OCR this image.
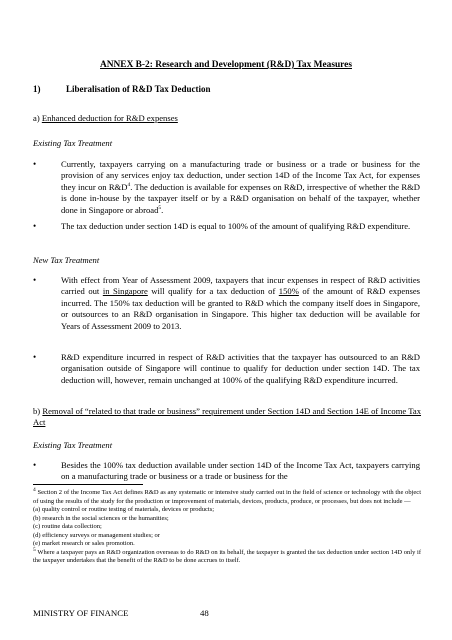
ANNEX B-2: Research and Development (R&D) Tax Measures
1)	Liberalisation of R&D Tax Deduction
a) Enhanced deduction for R&D expenses
Existing Tax Treatment
•	Currently, taxpayers carrying on a manufacturing trade or business or a trade or business for the provision of any services enjoy tax deduction, under section 14D of the Income Tax Act, for expenses they incur on $R\&D^4$. The deduction is available for expenses on R&D, irrespective of whether the R&D is done in-house by the taxpayer itself or by a R&D organisation on behalf of the taxpayer, whether done in Singapore or abroad$^5$.
•	The tax deduction under section 14D is equal to 100% of the amount of qualifying R&D expenditure.
New Tax Treatment
•	With effect from Year of Assessment 2009, taxpayers that incur expenses in respect of R&D activities carried out in Singapore will qualify for a tax deduction of 150% of the amount of R&D expenses incurred. The 150% tax deduction will be granted to R&D which the company itself does in Singapore, or outsources to an R&D organisation in Singapore. This higher tax deduction will be available for Years of Assessment 2009 to 2013.
•	R&D expenditure incurred in respect of R&D activities that the taxpayer has outsourced to an R&D organisation outside of Singapore will continue to qualify for deduction under section 14D. The tax deduction will, however, remain unchanged at 100% of the qualifying R&D expenditure incurred.
b) Removal of “related to that trade or business” requirement under Section 14D and Section 14E of Income Tax Act
Existing Tax Treatment
•	Besides the 100% tax deduction available under section 14D of the Income Tax Act, taxpayers carrying on a manufacturing trade or business or a trade or business for the
$^4$ Section 2 of the Income Tax Act defines R&D as any systematic or intensive study carried out in the field of science or technology with the object of using the results of the study for the production or improvement of materials, devices, products, produce, or processes, but does not include —
(a) quality control or routine testing of materials, devices or products;
(b) research in the social sciences or the humanities;
(c) routine data collection;
(d) efficiency surveys or management studies; or
(e) market research or sales promotion.
$^5$ Where a taxpayer pays an R&D organization overseas to do R&D on its behalf, the taxpayer is granted the tax deduction under section 14D only if the taxpayer undertakes that the benefit of the R&D to be done accrues to itself.
MINISTRY OF FINANCE	48
